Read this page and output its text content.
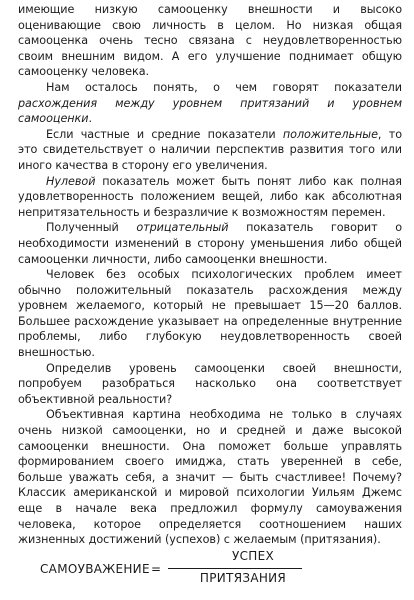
имеющие низкую самооценку внешности и высоко оценивающие свою личность в целом. Но низкая общая самооценка очень тесно связана с неудовлетворенностью своим внешним видом. А его улучшение поднимает общую самооценку человека.

Нам осталось понять, о чем говорят показатели расхождения между уровнем притязаний и уровнем самооценки.

Если частные и средние показатели положительные, то это свидетельствует о наличии перспектив развития того или иного качества в сторону его увеличения.

Нулевой показатель может быть понят либо как полная удовлетворенность положением вещей, либо как абсолютная непритязательность и безразличие к возможностям перемен.

Полученный отрицательный показатель говорит о необходимости изменений в сторону уменьшения либо общей самооценки личности, либо самооценки внешности.

Человек без особых психологических проблем имеет обычно положительный показатель расхождения между уровнем желаемого, который не превышает 15—20 баллов. Большее расхождение указывает на определенные внутренние проблемы, либо глубокую неудовлетворенность своей внешностью.

Определив уровень самооценки своей внешности, попробуем разобраться насколько она соответствует объективной реальности?

Объективная картина необходима не только в случаях очень низкой самооценки, но и средней и даже высокой самооценки внешности. Она поможет больше управлять формированием своего имиджа, стать уверенней в себе, больше уважать себя, а значит — быть счастливее! Почему? Классик американской и мировой психологии Уильям Джемс еще в начале века предложил формулу самоуважения человека, которое определяется соотношением наших жизненных достижений (успехов) с желаемым (притязания).

САМОУВАЖЕНИЕ =
УСПЕХ
ПРИТЯЗАНИЯ
